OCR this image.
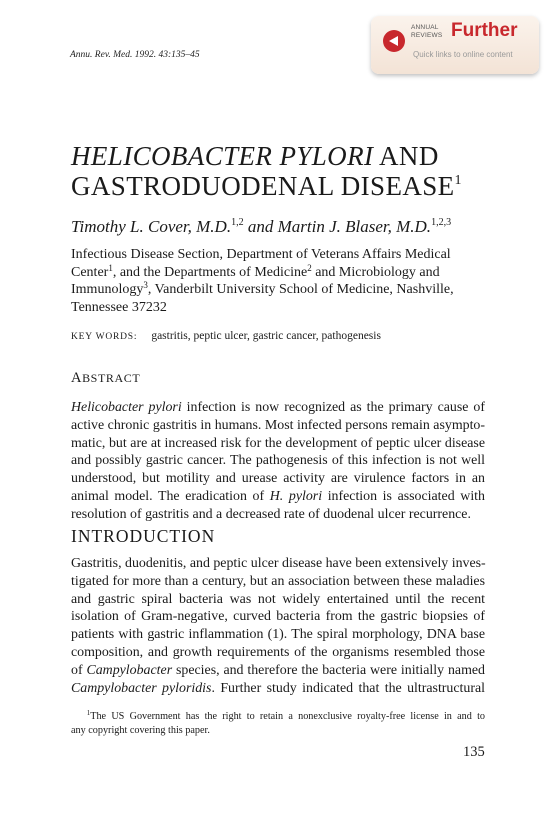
Annu. Rev. Med. 1992. 43:135–45
ANNUAL
REVIEWS Further
Quick links to online content
HELICOBACTER PYLORI AND
GASTRODUODENAL DISEASE$^1$
Timothy L. Cover, M.D.$^{1,2}$ and Martin J. Blaser, M.D.$^{1,2,3}$
Infectious Disease Section, Department of Veterans Affairs Medical Center$^1$, and the Departments of Medicine$^2$ and Microbiology and Immunology$^3$, Vanderbilt University School of Medicine, Nashville, Tennessee 37232
KEY WORDS: gastritis, peptic ulcer, gastric cancer, pathogenesis
ABSTRACT
Helicobacter pylori infection is now recognized as the primary cause of
active chronic gastritis in humans. Most infected persons remain asympto-
matic, but are at increased risk for the development of peptic ulcer disease
and possibly gastric cancer. The pathogenesis of this infection is not well
understood, but motility and urease activity are virulence factors in an
animal model. The eradication of H. pylori infection is associated with
resolution of gastritis and a decreased rate of duodenal ulcer recurrence.
INTRODUCTION
Gastritis, duodenitis, and peptic ulcer disease have been extensively inves-
tigated for more than a century, but an association between these maladies
and gastric spiral bacteria was not widely entertained until the recent
isolation of Gram-negative, curved bacteria from the gastric biopsies of
patients with gastric inflammation (1). The spiral morphology, DNA base
composition, and growth requirements of the organisms resembled those
of Campylobacter species, and therefore the bacteria were initially named
Campylobacter pyloridis. Further study indicated that the ultrastructural
$^1$The US Government has the right to retain a nonexclusive royalty-free license in and to
any copyright covering this paper.
135
